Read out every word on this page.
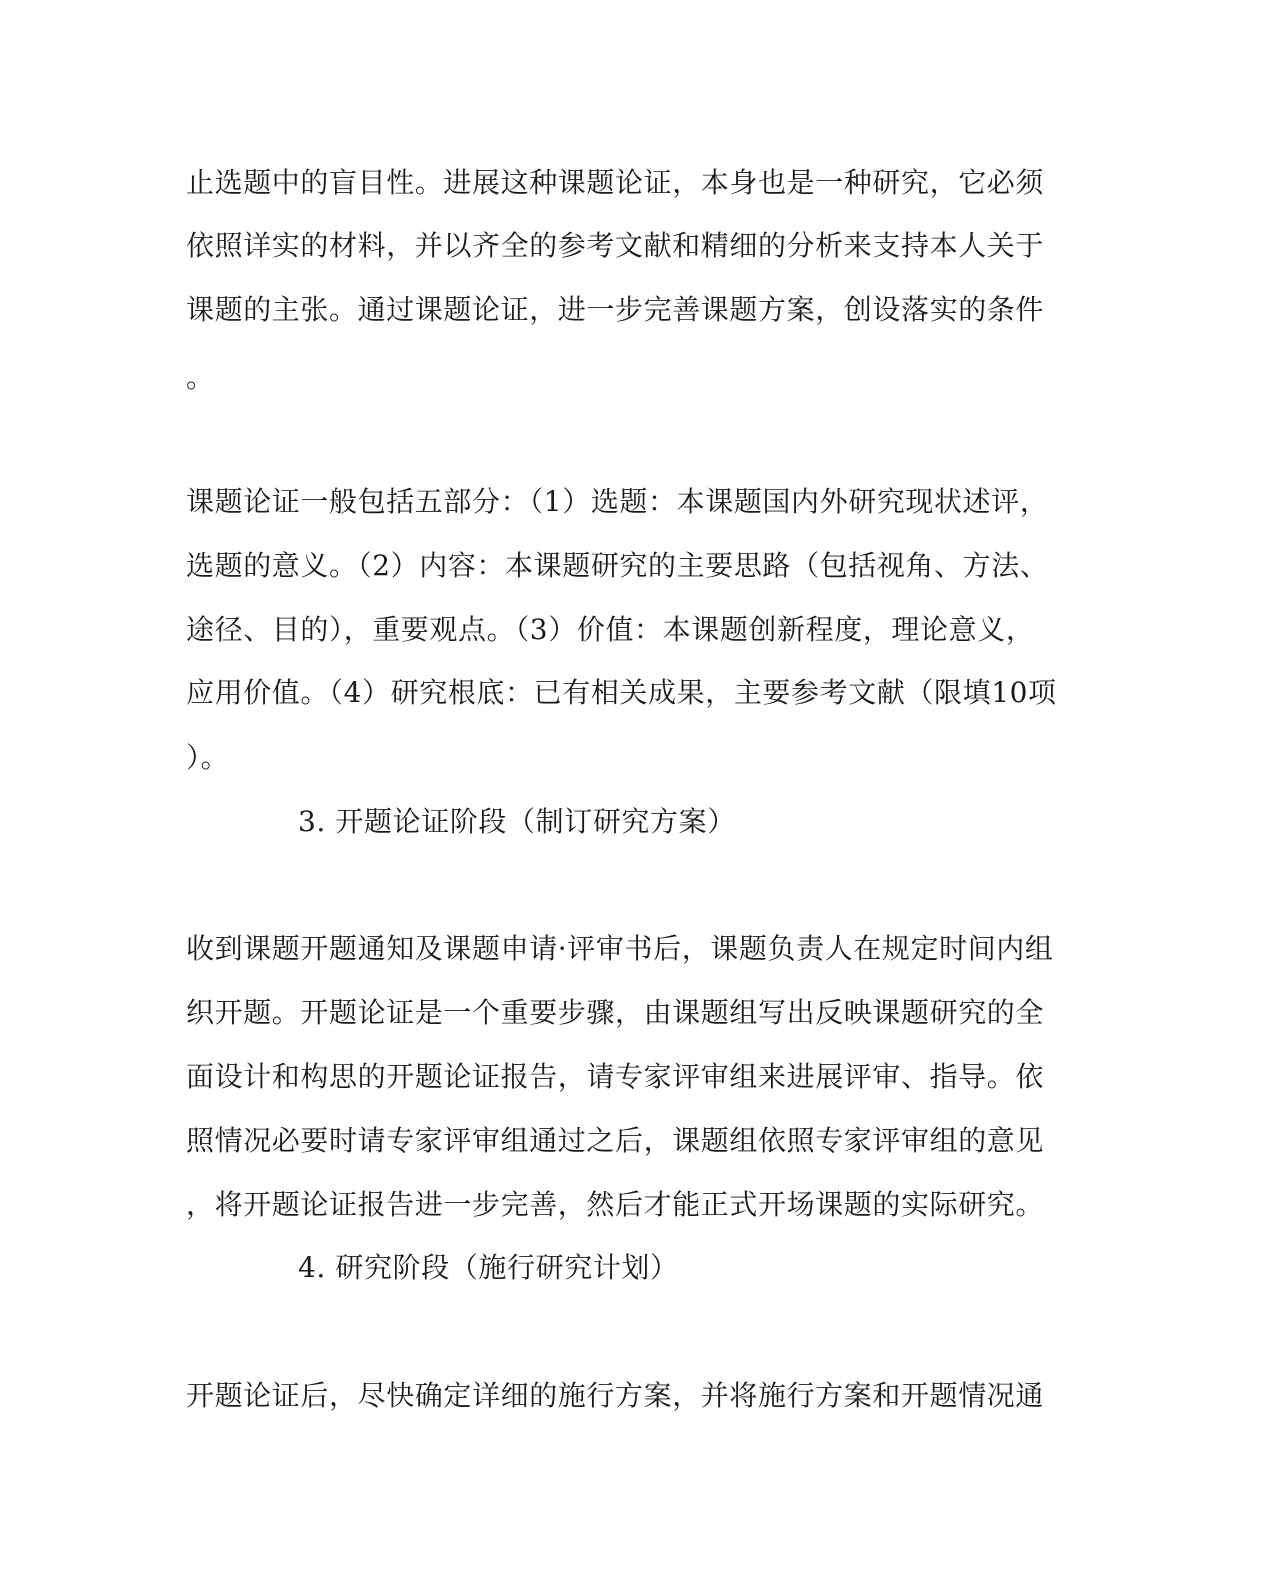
止选题中的盲目性。进展这种课题论证，本身也是一种研究，它必须
依照详实的材料，并以齐全的参考文献和精细的分析来支持本人关于
课题的主张。通过课题论证，进一步完善课题方案，创设落实的条件
。
课题论证一般包括五部分：（1）选题：本课题国内外研究现状述评，
选题的意义。（2）内容：本课题研究的主要思路（包括视角、方法、
途径、目的），重要观点。（3）价值：本课题创新程度，理论意义，
应用价值。（4）研究根底：已有相关成果，主要参考文献（限填10项
）。
3. 开题论证阶段（制订研究方案）
收到课题开题通知及课题申请·评审书后，课题负责人在规定时间内组
织开题。开题论证是一个重要步骤，由课题组写出反映课题研究的全
面设计和构思的开题论证报告，请专家评审组来进展评审、指导。依
照情况必要时请专家评审组通过之后，课题组依照专家评审组的意见
，将开题论证报告进一步完善，然后才能正式开场课题的实际研究。
4. 研究阶段（施行研究计划）
开题论证后，尽快确定详细的施行方案，并将施行方案和开题情况通
